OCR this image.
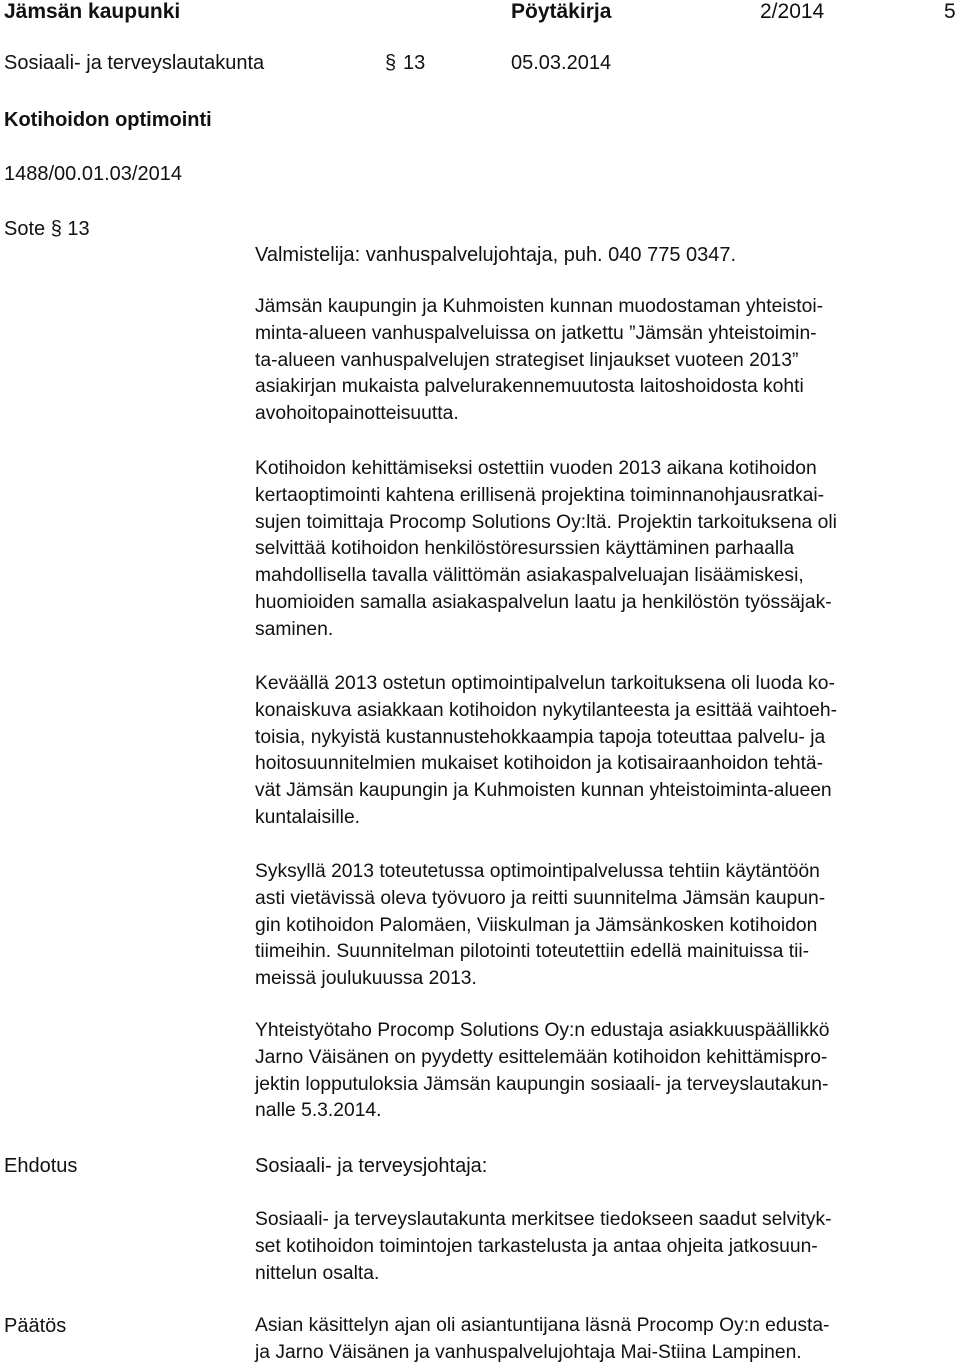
Jämsän kaupunki	Pöytäkirja	2/2014	5
Sosiaali- ja terveyslautakunta	§ 13	05.03.2014
Kotihoidon optimointi
1488/00.01.03/2014
Sote § 13
Valmistelija: vanhuspalvelujohtaja, puh. 040 775 0347.
Jämsän kaupungin ja Kuhmoisten kunnan muodostaman yhteistoi-
minta-alueen vanhuspalveluissa on jatkettu ”Jämsän yhteistoimin-
ta-alueen vanhuspalvelujen strategiset linjaukset vuoteen 2013”
asiakirjan mukaista palvelurakennemuutosta laitoshoidosta kohti
avohoitopainotteisuutta.
Kotihoidon kehittämiseksi ostettiin vuoden 2013 aikana kotihoidon
kertaoptimointi kahtena erillisenä projektina toiminnanohjausratkai-
sujen toimittaja Procomp Solutions Oy:ltä. Projektin tarkoituksena oli
selvittää kotihoidon henkilöstöresurssien käyttäminen parhaalla
mahdollisella tavalla välittömän asiakaspalveluajan lisäämiskesi,
huomioiden samalla asiakaspalvelun laatu ja henkilöstön työssäjak-
saminen.
Keväällä 2013 ostetun optimointipalvelun tarkoituksena oli luoda ko-
konaiskuva asiakkaan kotihoidon nykytilanteesta ja esittää vaihtoeh-
toisia, nykyistä kustannustehokkaampia tapoja toteuttaa palvelu- ja
hoitosuunnitelmien mukaiset kotihoidon ja kotisairaanhoidon tehtä-
vät Jämsän kaupungin ja Kuhmoisten kunnan yhteistoiminta-alueen
kuntalaisille.
Syksyllä 2013 toteutetussa optimointipalvelussa tehtiin käytäntöön
asti vietävissä oleva työvuoro ja reitti suunnitelma Jämsän kaupun-
gin kotihoidon Palomäen, Viiskulman ja Jämsänkosken kotihoidon
tiimeihin. Suunnitelman pilotointi toteutettiin edellä mainituissa tii-
meissä joulukuussa 2013.
Yhteistyötaho Procomp Solutions Oy:n edustaja asiakkuuspäällikkö
Jarno Väisänen on pyydetty esittelemään kotihoidon kehittämispro-
jektin lopputuloksia Jämsän kaupungin sosiaali- ja terveyslautakun-
nalle 5.3.2014.
Ehdotus	Sosiaali- ja terveysjohtaja:
Sosiaali- ja terveyslautakunta merkitsee tiedokseen saadut selvityk-
set kotihoidon toimintojen tarkastelusta ja antaa ohjeita jatkosuun-
nittelun osalta.
Päätös	Asian käsittelyn ajan oli asiantuntijana läsnä Procomp Oy:n edusta-
ja Jarno Väisänen ja vanhuspalvelujohtaja Mai-Stiina Lampinen.
